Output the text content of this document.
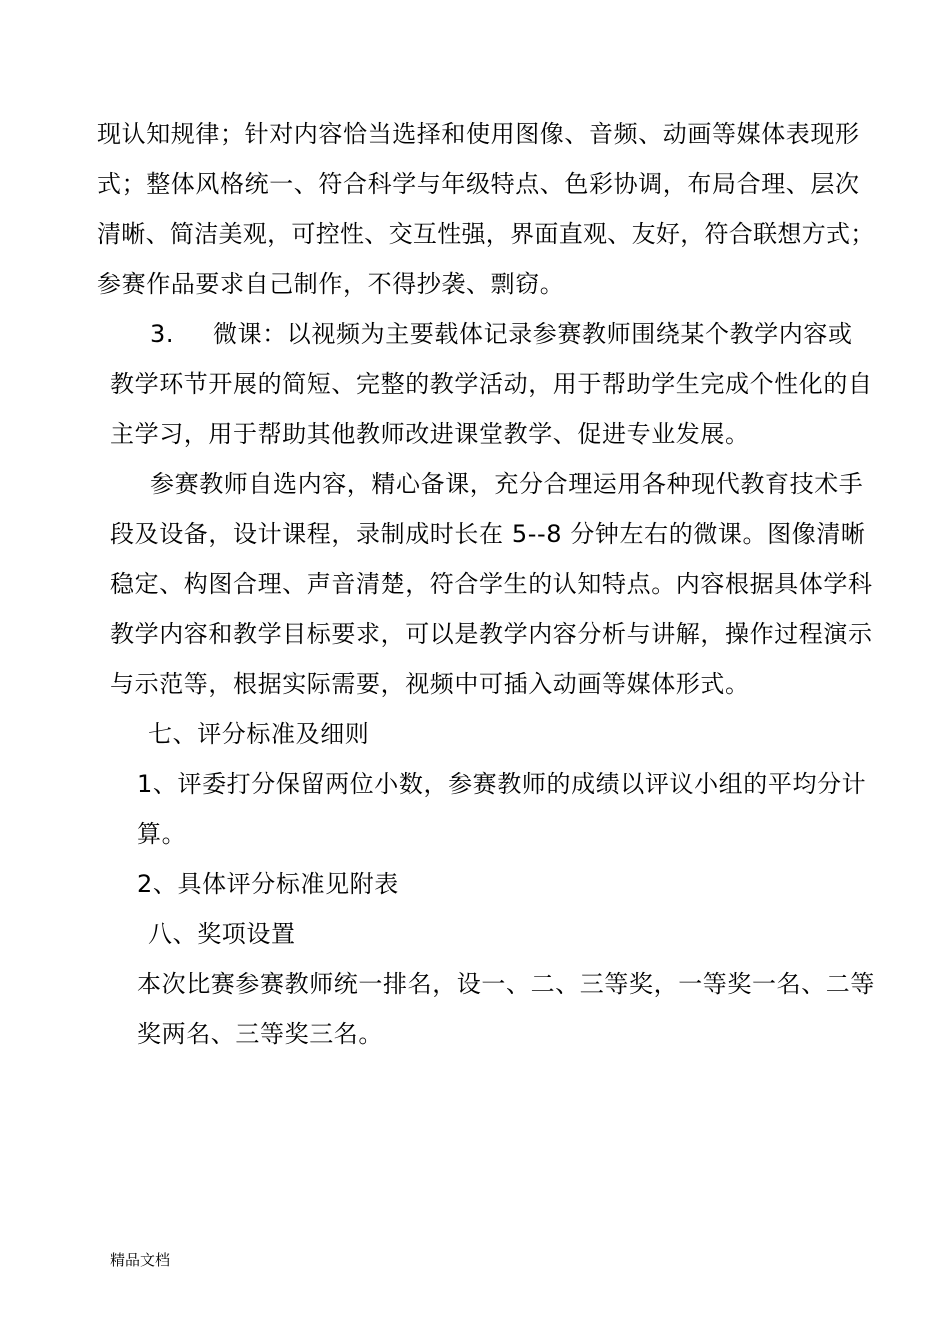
现认知规律；针对内容恰当选择和使用图像、音频、动画等媒体表现形
式；整体风格统一、符合科学与年级特点、色彩协调，布局合理、层次
清晰、简洁美观，可控性、交互性强，界面直观、友好，符合联想方式；
参赛作品要求自己制作，不得抄袭、剽窃。
3. 微课：以视频为主要载体记录参赛教师围绕某个教学内容或
教学环节开展的简短、完整的教学活动，用于帮助学生完成个性化的自
主学习，用于帮助其他教师改进课堂教学、促进专业发展。
参赛教师自选内容，精心备课，充分合理运用各种现代教育技术手
段及设备，设计课程，录制成时长在 5--8 分钟左右的微课。图像清晰
稳定、构图合理、声音清楚，符合学生的认知特点。内容根据具体学科
教学内容和教学目标要求，可以是教学内容分析与讲解，操作过程演示
与示范等，根据实际需要，视频中可插入动画等媒体形式。
七、评分标准及细则
1、评委打分保留两位小数，参赛教师的成绩以评议小组的平均分计
算。
2、具体评分标准见附表
八、奖项设置
本次比赛参赛教师统一排名，设一、二、三等奖，一等奖一名、二等
奖两名、三等奖三名。
精品文档
